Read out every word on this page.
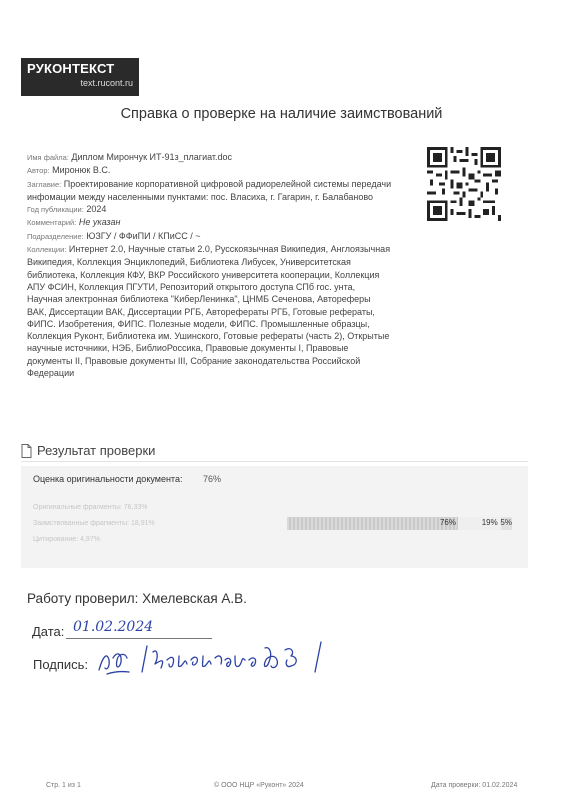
РУКОНТЕКСТ
text.rucont.ru
Справка о проверке на наличие заимствований
Имя файла: Диплом Мирончук ИТ-91з_плагиат.doc
Автор: Миронюк В.С.
Заглавие: Проектирование корпоративной цифровой радиорелейной системы передачи инфомации между населенными пунктами: пос. Власиха, г. Гагарин, г. Балабаново
Год публикации: 2024
Комментарий: Не указан
Подразделение: ЮЗГУ / ФФиПИ / КПиСС / ~
Коллекции: Интернет 2.0, Научные статьи 2.0, Русскоязычная Википедия, Англоязычная Википедия, Коллекция Энциклопедий, Библиотека Либусек, Университетская библиотека, Коллекция КФУ, ВКР Российского университета кооперации, Коллекция АПУ ФСИН, Коллекция ПГУТИ, Репозиторий открытого доступа СПб гос. унта, Научная электронная библиотека "КиберЛенинка", ЦНМБ Сеченова, Автореферы ВАК, Диссертации ВАК, Диссертации РГБ, Авторефераты РГБ, Готовые рефераты, ФИПС. Изобретения, ФИПС. Полезные модели, ФИПС. Промышленные образцы, Коллекция Руконт, Библиотека им. Ушинского, Готовые рефераты (часть 2), Открытые научные источники, НЭБ, БиблиоРоссика, Правовые документы I, Правовые документы II, Правовые документы III, Собрание законодательства Российской Федерации
Результат проверки
Оценка оригинальности документа: 76%
Оригинальные фрагменты: 76,33%
Заимствованные фрагменты: 18,91%
Цитирование: 4,97%
76%	19% 5%
Работу проверил: Хмелевская А.В.
Дата: 01.02.2024
Подпись:
Стр. 1 из 1	© ООО НЦР «Руконт» 2024	Дата проверки: 01.02.2024
